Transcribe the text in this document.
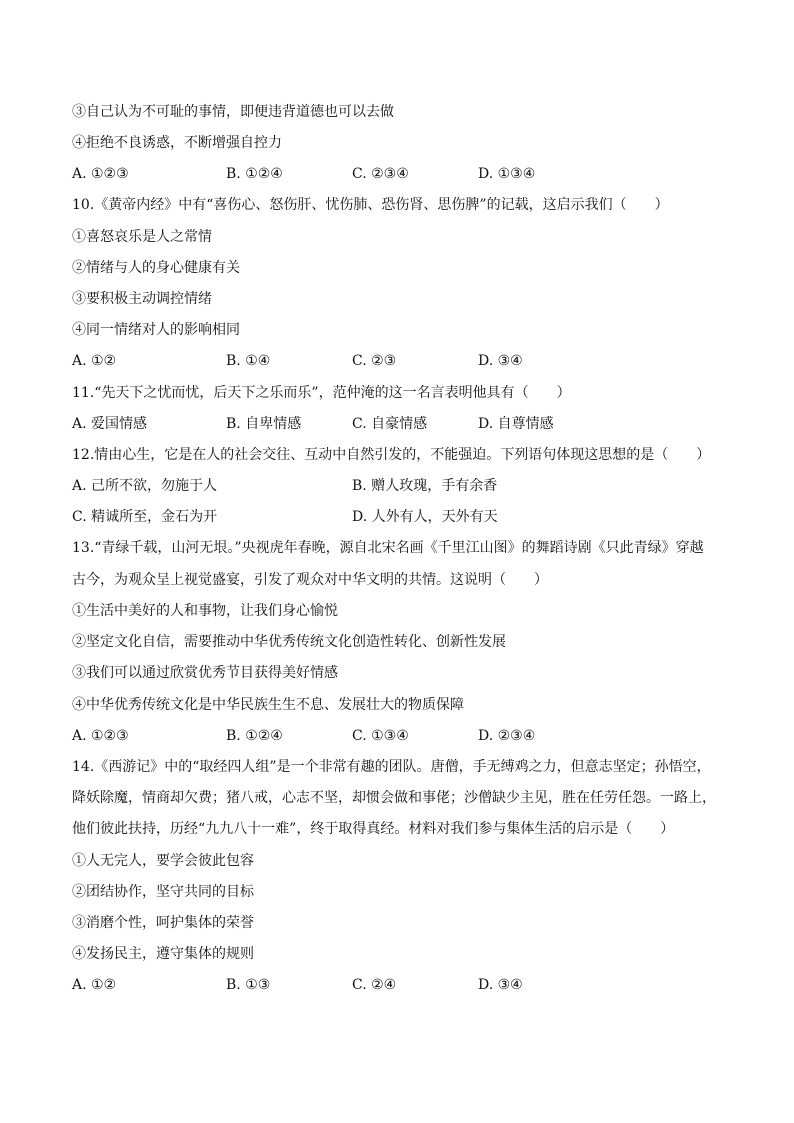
③自己认为不可耻的事情，即便违背道德也可以去做
④拒绝不良诱惑，不断增强自控力
A. ①②③	B. ①②④	C. ②③④	D. ①③④
10.《黄帝内经》中有“喜伤心、怒伤肝、忧伤肺、恐伤肾、思伤脾”的记载，这启示我们（　　）
①喜怒哀乐是人之常情
②情绪与人的身心健康有关
③要积极主动调控情绪
④同一情绪对人的影响相同
A. ①②	B. ①④	C. ②③	D. ③④
11.“先天下之忧而忧，后天下之乐而乐”，范仲淹的这一名言表明他具有（　　）
A. 爱国情感	B. 自卑情感	C. 自豪情感	D. 自尊情感
12.情由心生，它是在人的社会交往、互动中自然引发的，不能强迫。下列语句体现这思想的是（　　）
A. 己所不欲，勿施于人	B. 赠人玫瑰，手有余香
C. 精诚所至，金石为开	D. 人外有人，天外有天
13.“青绿千载，山河无垠。”央视虎年春晚，源自北宋名画《千里江山图》的舞蹈诗剧《只此青绿》穿越
古今，为观众呈上视觉盛宴，引发了观众对中华文明的共情。这说明（　　）
①生活中美好的人和事物，让我们身心愉悦
②坚定文化自信，需要推动中华优秀传统文化创造性转化、创新性发展
③我们可以通过欣赏优秀节目获得美好情感
④中华优秀传统文化是中华民族生生不息、发展壮大的物质保障
A. ①②③	B. ①②④	C. ①③④	D. ②③④
14.《西游记》中的“取经四人组”是一个非常有趣的团队。唐僧，手无缚鸡之力，但意志坚定；孙悟空，
降妖除魔，情商却欠费；猪八戒，心志不坚，却惯会做和事佬；沙僧缺少主见，胜在任劳任怨。一路上，
他们彼此扶持，历经“九九八十一难”，终于取得真经。材料对我们参与集体生活的启示是（　　）
①人无完人，要学会彼此包容
②团结协作，坚守共同的目标
③消磨个性，呵护集体的荣誉
④发扬民主，遵守集体的规则
A. ①②	B. ①③	C. ②④	D. ③④
